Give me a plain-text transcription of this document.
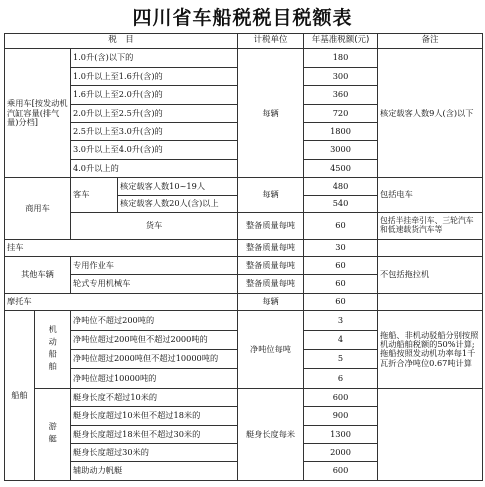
四川省车船税税目税额表
税　目				计税单位	年基准税额(元)	备注
乘用车[按发动机汽缸容量(排气量)分档]		1.0升(含)以下的		每辆	180	核定载客人数9人(含)以下
		1.0升以上至1.6升(含)的			300	
		1.6升以上至2.0升(含)的			360	
		2.0升以上至2.5升(含)的			720	
		2.5升以上至3.0升(含)的			1800	
		3.0升以上至4.0升(含)的			3000	
		4.0升以上的			4500	
商用车		客车	核定载客人数10~19人	每辆	480	包括电车
			核定载客人数20人(含)以上		540	
		货车		整备质量每吨	60	包括半挂牵引车、三轮汽车和低速载货汽车等
挂车				整备质量每吨	30	
其他车辆		专用作业车		整备质量每吨	60	不包括拖拉机
		轮式专用机械车		整备质量每吨	60	
摩托车				每辆	60	
船舶	机动船舶	净吨位不超过200吨的		净吨位每吨	3	拖船、非机动驳船分别按照机动船舶税额的50%计算;拖船按照发动机功率每1千瓦折合净吨位0.67吨计算
		净吨位超过200吨但不超过2000吨的			4	
		净吨位超过2000吨但不超过10000吨的			5	
		净吨位超过10000吨的			6	
	游艇	艇身长度不超过10米的		艇身长度每米	600	
		艇身长度超过10米但不超过18米的			900	
		艇身长度超过18米但不超过30米的			1300	
		艇身长度超过30米的			2000	
		辅助动力帆艇			600	
